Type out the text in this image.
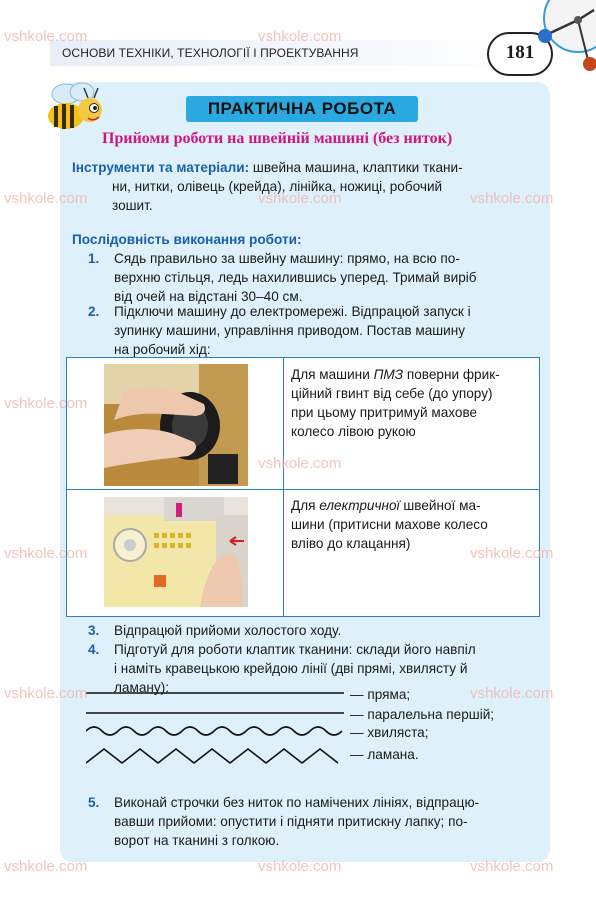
ОСНОВИ ТЕХНІКИ, ТЕХНОЛОГІЇ І ПРОЕКТУВАННЯ	181
ПРАКТИЧНА РОБОТА
Прийоми роботи на швейній машині (без ниток)
Інструменти та матеріали: швейна машина, клаптики ткани-
ни, нитки, олівець (крейда), лінійка, ножиці, робочий
зошит.
Послідовність виконання роботи:
1. Сядь правильно за швейну машину: прямо, на всю по-
верхню стільця, ледь нахилившись уперед. Тримай виріб
від очей на відстані 30–40 см.
2. Підключи машину до електромережі. Відпрацюй запуск і
зупинку машини, управління приводом. Постав машину
на робочий хід:
Для машини ПМЗ поверни фрик-
ційний гвинт від себе (до упору)
при цьому притримуй махове
колесо лівою рукою
Для електричної швейної ма-
шини (притисни махове колесо
вліво до клацання)
3. Відпрацюй прийоми холостого ходу.
4. Підготуй для роботи клаптик тканини: склади його навпіл
і наміть кравецькою крейдою лінії (дві прямі, хвилясту й
ламану):	— пряма;
— паралельна першій;
— хвиляста;
— ламана.
5. Виконай строчки без ниток по намічених лініях, відпрацю-
вавши прийоми: опустити і підняти притискну лапку; по-
ворот на тканині з голкою.
vshkole.com	vshkole.com
vshkole.com	vshkole.com	vshkole.com
vshkole.com
vshkole.com
vshkole.com	vshkole.com
vshkole.com	vshkole.com
vshkole.com	vshkole.com	vshkole.com
